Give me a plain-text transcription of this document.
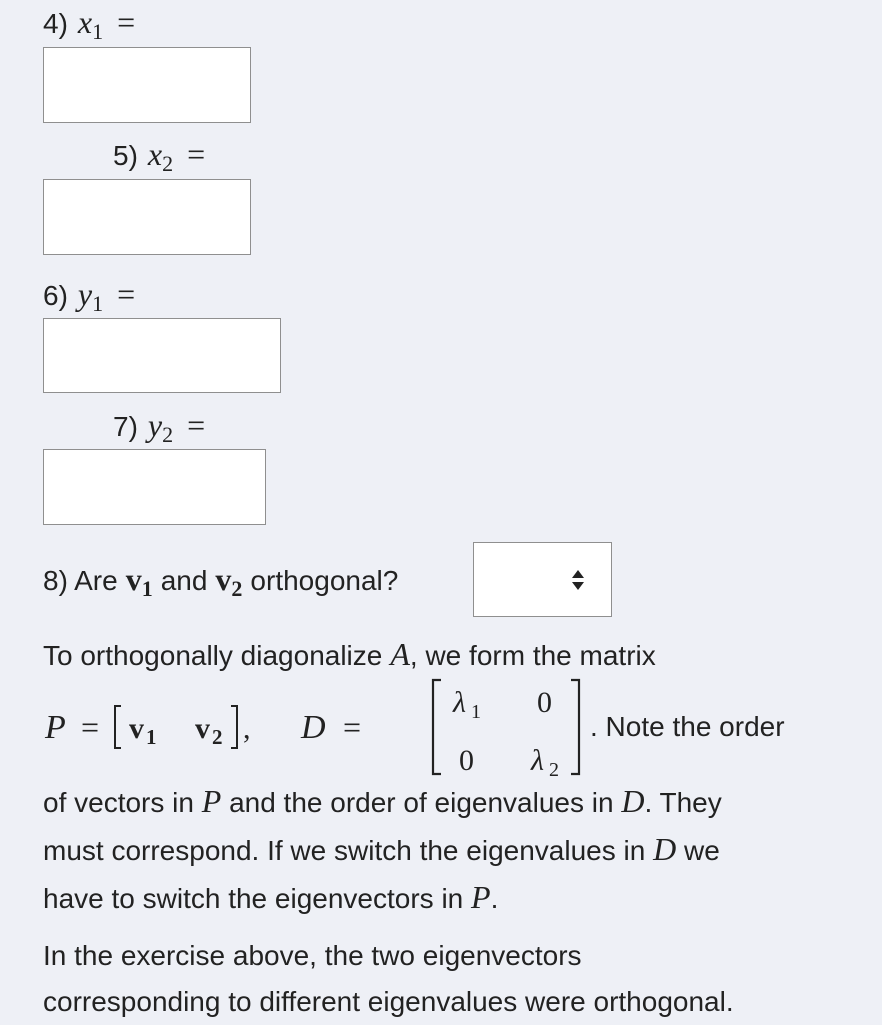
4) $x_1$ =
5) $x_2$ =
6) $y_1$ =
7) $y_2$ =
8) Are $v_1$ and $v_2$ orthogonal?
To orthogonally diagonalize A , we form the matrix
P = v 1 v 2 , D =
λ 1 0
0 λ 2
. Note the order
of vectors in P and the order of eigenvalues in D. They
must correspond. If we switch the eigenvalues in D we
have to switch the eigenvectors in P.
In the exercise above, the two eigenvectors
corresponding to different eigenvalues were orthogonal.
